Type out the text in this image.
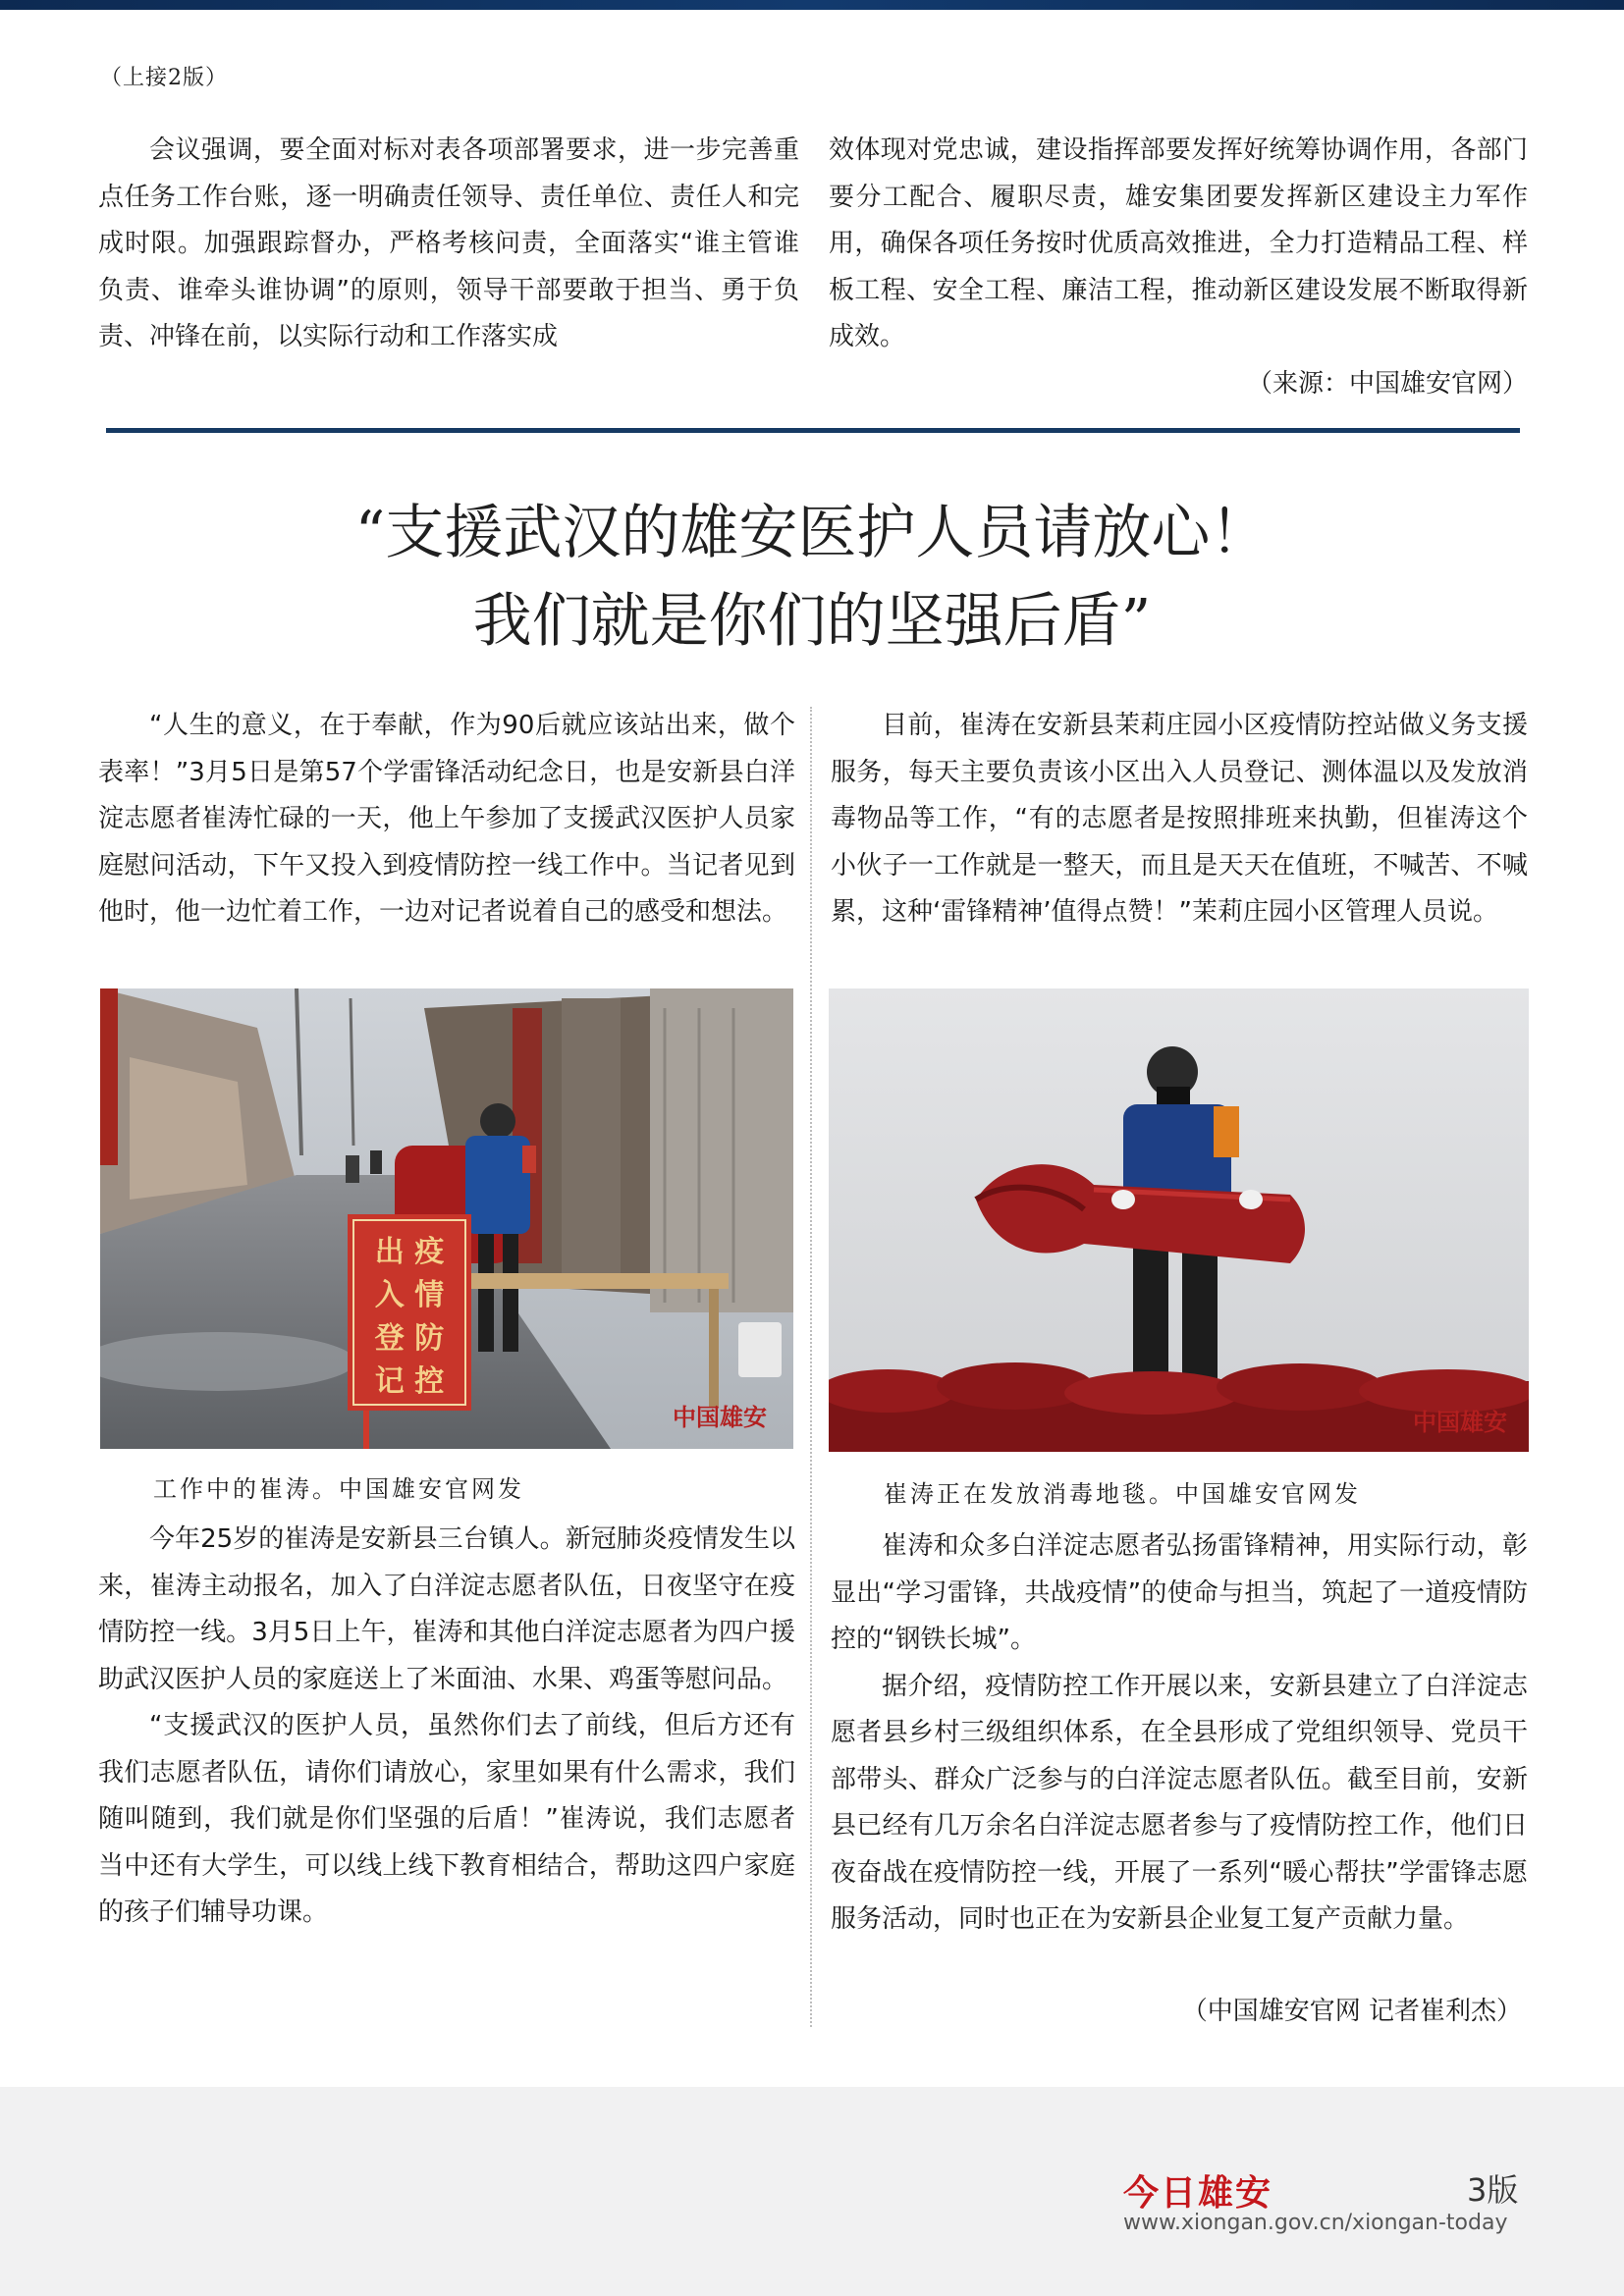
（上接2版）

会议强调，要全面对标对表各项部署要求，进一步完善重点任务工作台账，逐一明确责任领导、责任单位、责任人和完成时限。加强跟踪督办，严格考核问责，全面落实“谁主管谁负责、谁牵头谁协调”的原则，领导干部要敢于担当、勇于负责、冲锋在前，以实际行动和工作落实成

效体现对党忠诚，建设指挥部要发挥好统筹协调作用，各部门要分工配合、履职尽责，雄安集团要发挥新区建设主力军作用，确保各项任务按时优质高效推进，全力打造精品工程、样板工程、安全工程、廉洁工程，推动新区建设发展不断取得新成效。

（来源：中国雄安官网）
“支援武汉的雄安医护人员请放心！
我们就是你们的坚强后盾”

“人生的意义，在于奉献，作为90后就应该站出来，做个表率！”3月5日是第57个学雷锋活动纪念日，也是安新县白洋淀志愿者崔涛忙碌的一天，他上午参加了支援武汉医护人员家庭慰问活动，下午又投入到疫情防控一线工作中。当记者见到他时，他一边忙着工作，一边对记者说着自己的感受和想法。

目前，崔涛在安新县茉莉庄园小区疫情防控站做义务支援服务，每天主要负责该小区出入人员登记、测体温以及发放消毒物品等工作，“有的志愿者是按照排班来执勤，但崔涛这个小伙子一工作就是一整天，而且是天天在值班，不喊苦、不喊累，这种‘雷锋精神’值得点赞！”茉莉庄园小区管理人员说。

出 疫
入 情
登 防
记 控
中国雄安	中国雄安
工作中的崔涛。中国雄安官网发	崔涛正在发放消毒地毯。中国雄安官网发

今年25岁的崔涛是安新县三台镇人。新冠肺炎疫情发生以来，崔涛主动报名，加入了白洋淀志愿者队伍，日夜坚守在疫情防控一线。3月5日上午，崔涛和其他白洋淀志愿者为四户援助武汉医护人员的家庭送上了米面油、水果、鸡蛋等慰问品。

“支援武汉的医护人员，虽然你们去了前线，但后方还有我们志愿者队伍，请你们请放心，家里如果有什么需求，我们随叫随到，我们就是你们坚强的后盾！”崔涛说，我们志愿者当中还有大学生，可以线上线下教育相结合，帮助这四户家庭的孩子们辅导功课。

崔涛和众多白洋淀志愿者弘扬雷锋精神，用实际行动，彰显出“学习雷锋，共战疫情”的使命与担当，筑起了一道疫情防控的“钢铁长城”。

据介绍，疫情防控工作开展以来，安新县建立了白洋淀志愿者县乡村三级组织体系，在全县形成了党组织领导、党员干部带头、群众广泛参与的白洋淀志愿者队伍。截至目前，安新县已经有几万余名白洋淀志愿者参与了疫情防控工作，他们日夜奋战在疫情防控一线，开展了一系列“暖心帮扶”学雷锋志愿服务活动，同时也正在为安新县企业复工复产贡献力量。

（中国雄安官网 记者崔利杰）
今日雄安	3版
www.xiongan.gov.cn/xiongan-today
